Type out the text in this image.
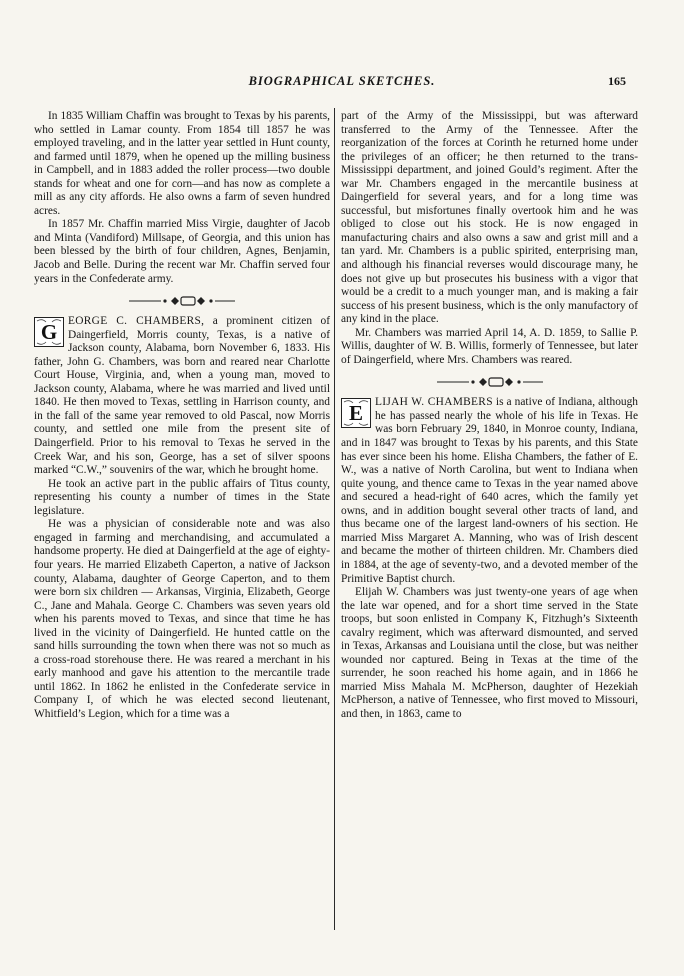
BIOGRAPHICAL SKETCHES.	165

In 1835 William Chaffin was brought to Texas by his parents, who settled in Lamar county. From 1854 till 1857 he was employed traveling, and in the latter year settled in Hunt county, and farmed until 1879, when he opened up the milling business in Campbell, and in 1883 added the roller process—two double stands for wheat and one for corn—and has now as complete a mill as any city affords. He also owns a farm of seven hundred acres.

In 1857 Mr. Chaffin married Miss Virgie, daughter of Jacob and Minta (Vandiford) Millsape, of Georgia, and this union has been blessed by the birth of four children, Agnes, Benjamin, Jacob and Belle. During the recent war Mr. Chaffin served four years in the Confederate army.

G EORGE C. CHAMBERS, a prominent citizen of Daingerfield, Morris county, Texas, is a native of Jackson county, Alabama, born November 6, 1833. His father, John G. Chambers, was born and reared near Charlotte Court House, Virginia, and, when a young man, moved to Jackson county, Alabama, where he was married and lived until 1840. He then moved to Texas, settling in Harrison county, and in the fall of the same year removed to old Pascal, now Morris county, and settled one mile from the present site of Daingerfield. Prior to his removal to Texas he served in the Creek War, and his son, George, has a set of silver spoons marked “C.W.,” souvenirs of the war, which he brought home.

He took an active part in the public affairs of Titus county, representing his county a number of times in the State legislature.

He was a physician of considerable note and was also engaged in farming and merchandising, and accumulated a handsome property. He died at Daingerfield at the age of eighty-four years. He married Elizabeth Caperton, a native of Jackson county, Alabama, daughter of George Caperton, and to them were born six children — Arkansas, Virginia, Elizabeth, George C., Jane and Mahala. George C. Chambers was seven years old when his parents moved to Texas, and since that time he has lived in the vicinity of Daingerfield. He hunted cattle on the sand hills surrounding the town when there was not so much as a cross-road storehouse there. He was reared a merchant in his early manhood and gave his attention to the mercantile trade until 1862. In 1862 he enlisted in the Confederate service in Company I, of which he was elected second lieutenant, Whitfield’s Legion, which for a time was a

part of the Army of the Mississippi, but was afterward transferred to the Army of the Tennessee. After the reorganization of the forces at Corinth he returned home under the privileges of an officer; he then returned to the trans-Mississippi department, and joined Gould’s regiment. After the war Mr. Chambers engaged in the mercantile business at Daingerfield for several years, and for a long time was successful, but misfortunes finally overtook him and he was obliged to close out his stock. He is now engaged in manufacturing chairs and also owns a saw and grist mill and a tan yard. Mr. Chambers is a public spirited, enterprising man, and although his financial reverses would discourage many, he does not give up but prosecutes his business with a vigor that would be a credit to a much younger man, and is making a fair success of his present business, which is the only manufactory of any kind in the place.

Mr. Chambers was married April 14, A. D. 1859, to Sallie P. Willis, daughter of W. B. Willis, formerly of Tennessee, but later of Daingerfield, where Mrs. Chambers was reared.

E LIJAH W. CHAMBERS is a native of Indiana, although he has passed nearly the whole of his life in Texas. He was born February 29, 1840, in Monroe county, Indiana, and in 1847 was brought to Texas by his parents, and this State has ever since been his home. Elisha Chambers, the father of E. W., was a native of North Carolina, but went to Indiana when quite young, and thence came to Texas in the year named above and secured a head-right of 640 acres, which the family yet owns, and in addition bought several other tracts of land, and thus became one of the largest land-owners of his section. He married Miss Margaret A. Manning, who was of Irish descent and became the mother of thirteen children. Mr. Chambers died in 1884, at the age of seventy-two, and a devoted member of the Primitive Baptist church.

Elijah W. Chambers was just twenty-one years of age when the late war opened, and for a short time served in the State troops, but soon enlisted in Company K, Fitzhugh’s Sixteenth cavalry regiment, which was afterward dismounted, and served in Texas, Arkansas and Louisiana until the close, but was neither wounded nor captured. Being in Texas at the time of the surrender, he soon reached his home again, and in 1866 he married Miss Mahala M. McPherson, daughter of Hezekiah McPherson, a native of Tennessee, who first moved to Missouri, and then, in 1863, came to
